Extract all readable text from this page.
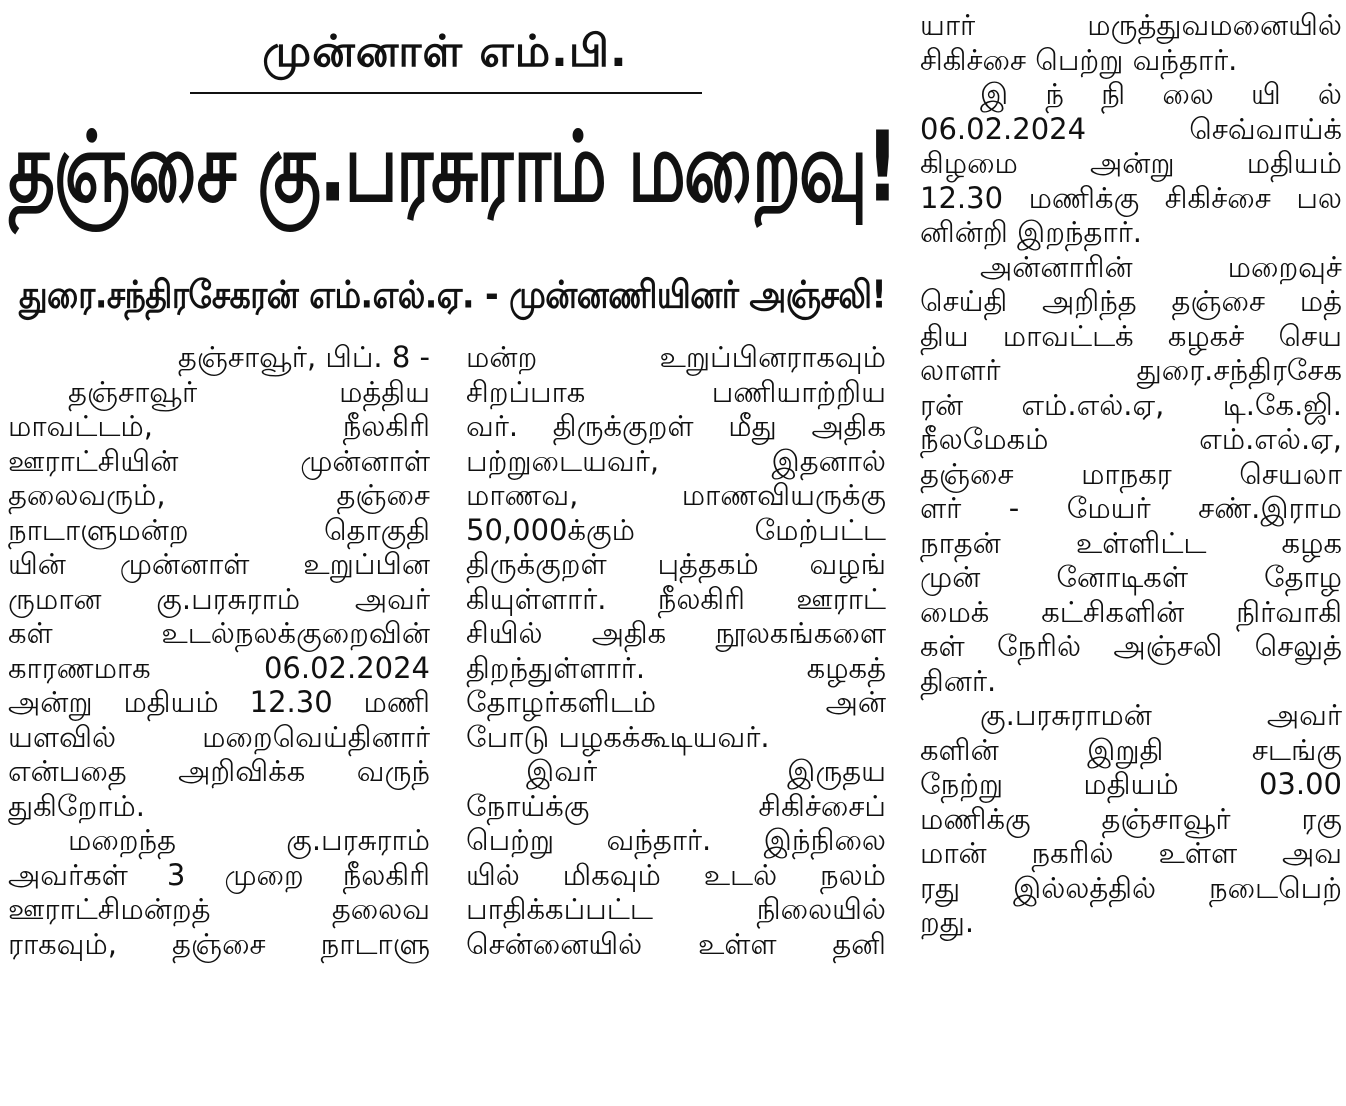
முன்னாள் எம்.பி.
தஞ்சை கு.பரசுராம் மறைவு!
துரை.சந்திரசேகரன் எம்.எல்.ஏ. - முன்னணியினர் அஞ்சலி!

தஞ்சாவூர், பிப். 8 -

தஞ்சாவூர் மத்திய

மாவட்டம், நீலகிரி

ஊராட்சியின் முன்னாள்

தலைவரும், தஞ்சை

நாடாளுமன்ற தொகுதி

யின் முன்னாள் உறுப்பின

ருமான கு.பரசுராம் அவர்

கள் உடல்நலக்குறைவின்

காரணமாக 06.02.2024

அன்று மதியம் 12.30 மணி

யளவில் மறைவெய்தினார்

என்பதை அறிவிக்க வருந்

துகிறோம்.

மறைந்த கு.பரசுராம்

அவர்கள் 3 முறை நீலகிரி

ஊராட்சிமன்றத் தலைவ

ராகவும், தஞ்சை நாடாளு

மன்ற உறுப்பினராகவும்

சிறப்பாக பணியாற்றிய

வர். திருக்குறள் மீது அதிக

பற்றுடையவர், இதனால்

மாணவ, மாணவியருக்கு

50,000க்கும் மேற்பட்ட

திருக்குறள் புத்தகம் வழங்

கியுள்ளார். நீலகிரி ஊராட்

சியில் அதிக நூலகங்களை

திறந்துள்ளார். கழகத்

தோழர்களிடம் அன்

போடு பழகக்கூடியவர்.

இவர் இருதய

நோய்க்கு சிகிச்சைப்

பெற்று வந்தார். இந்நிலை

யில் மிகவும் உடல் நலம்

பாதிக்கப்பட்ட நிலையில்

சென்னையில் உள்ள தனி

யார் மருத்துவமனையில்

சிகிச்சை பெற்று வந்தார்.

இ ந் நி லை யி ல்

06.02.2024 செவ்வாய்க்

கிழமை அன்று மதியம்

12.30 மணிக்கு சிகிச்சை பல

னின்றி இறந்தார்.

அன்னாரின் மறைவுச்

செய்தி அறிந்த தஞ்சை மத்

திய மாவட்டக் கழகச் செய

லாளர் துரை.சந்திரசேக

ரன் எம்.எல்.ஏ, டி.கே.ஜி.

நீலமேகம் எம்.எல்.ஏ,

தஞ்சை மாநகர செயலா

ளர் - மேயர் சண்.இராம

நாதன் உள்ளிட்ட கழக

முன் னோடிகள் தோழ

மைக் கட்சிகளின் நிர்வாகி

கள் நேரில் அஞ்சலி செலுத்

தினர்.

கு.பரசுராமன் அவர்

களின் இறுதி சடங்கு

நேற்று மதியம் 03.00

மணிக்கு தஞ்சாவூர் ரகு

மான் நகரில் உள்ள அவ

ரது இல்லத்தில் நடைபெற்

றது.
